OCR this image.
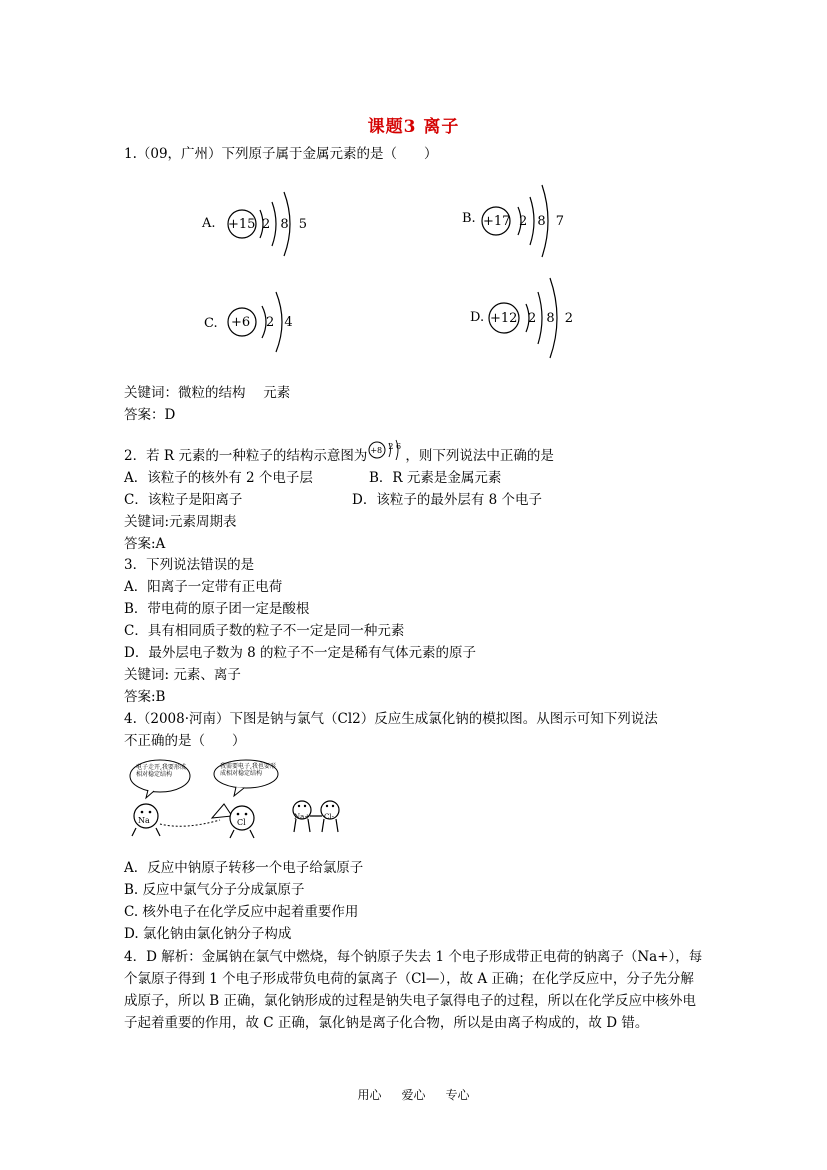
课题3 离子
1.（09，广州）下列原子属于金属元素的是（　　）
A. +15 2 8 5	B. +17 2 8 7
C. +6 2 4	D. +12 2 8 2
关键词：微粒的结构　 元素
答案：D
2．若 R 元素的一种粒子的结构示意图为 +8 2 6
，则下列说法中正确的是
A．该粒子的核外有 2 个电子层	B．R 元素是金属元素
C．该粒子是阳离子	D．该粒子的最外层有 8 个电子
关键词:元素周期表
答案:A
3．下列说法错误的是
A．阳离子一定带有正电荷
B．带电荷的原子团一定是酸根
C．具有相同质子数的粒子不一定是同一种元素
D．最外层电子数为 8 的粒子不一定是稀有气体元素的原子
关键词: 元素、离子
答案:B
4.（2008·河南）下图是钠与氯气（Cl2）反应生成氯化钠的模拟图。从图示可知下列说法
不正确的是（　　）
电子走开,我要形成相对稳定结构
我需要电子,我也要形成相对稳定结构
Na	Cl
Na+ Cl-
A．反应中钠原子转移一个电子给氯原子
B. 反应中氯气分子分成氯原子
C. 核外电子在化学反应中起着重要作用
D. 氯化钠由氯化钠分子构成
4．D 解析：金属钠在氯气中燃烧，每个钠原子失去 1 个电子形成带正电荷的钠离子（Na+），每个氯原子得到 1 个电子形成带负电荷的氯离子（Cl—），故 A 正确；在化学反应中，分子先分解成原子，所以 B 正确，氯化钠形成的过程是钠失电子氯得电子的过程，所以在化学反应中核外电子起着重要的作用，故 C 正确，氯化钠是离子化合物，所以是由离子构成的，故 D 错。
用心 爱心 专心
